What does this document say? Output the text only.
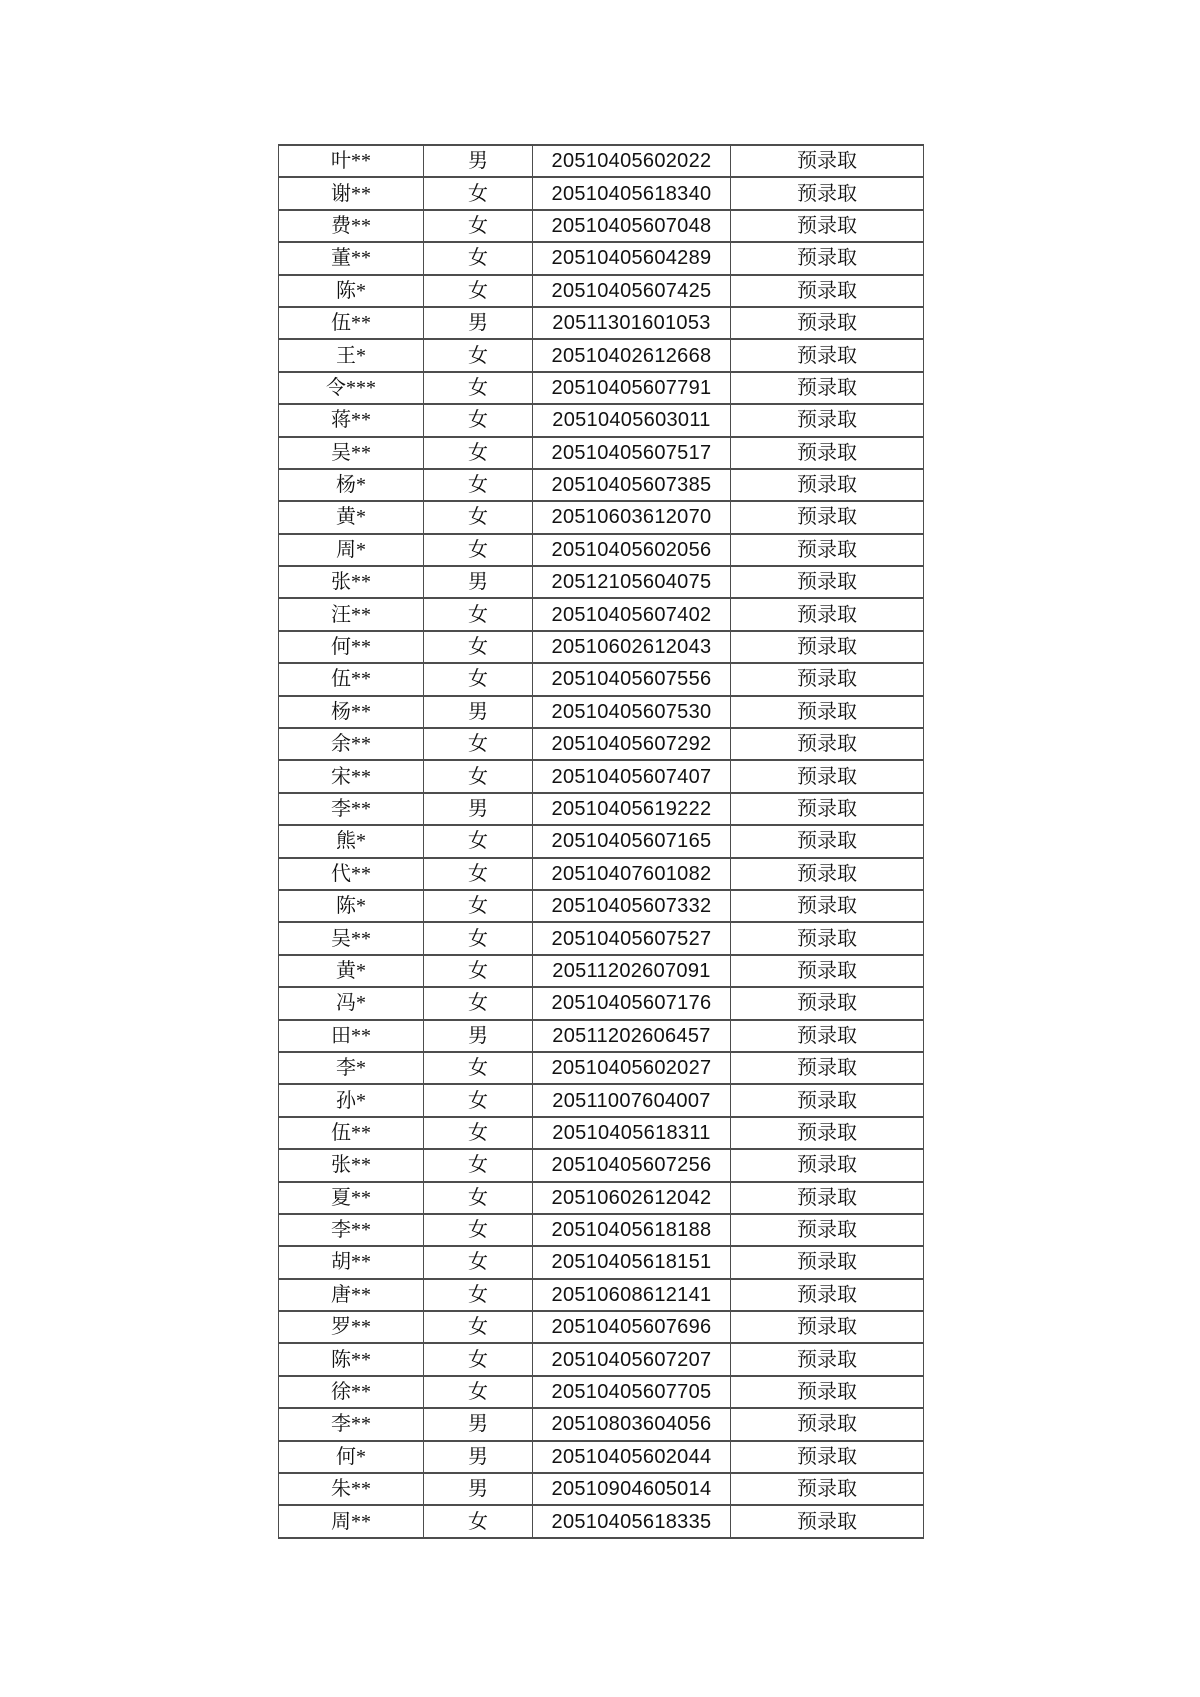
叶**	男	20510405602022	预录取
谢**	女	20510405618340	预录取
费**	女	20510405607048	预录取
董**	女	20510405604289	预录取
陈*	女	20510405607425	预录取
伍**	男	20511301601053	预录取
王*	女	20510402612668	预录取
令***	女	20510405607791	预录取
蒋**	女	20510405603011	预录取
吴**	女	20510405607517	预录取
杨*	女	20510405607385	预录取
黄*	女	20510603612070	预录取
周*	女	20510405602056	预录取
张**	男	20512105604075	预录取
汪**	女	20510405607402	预录取
何**	女	20510602612043	预录取
伍**	女	20510405607556	预录取
杨**	男	20510405607530	预录取
余**	女	20510405607292	预录取
宋**	女	20510405607407	预录取
李**	男	20510405619222	预录取
熊*	女	20510405607165	预录取
代**	女	20510407601082	预录取
陈*	女	20510405607332	预录取
吴**	女	20510405607527	预录取
黄*	女	20511202607091	预录取
冯*	女	20510405607176	预录取
田**	男	20511202606457	预录取
李*	女	20510405602027	预录取
孙*	女	20511007604007	预录取
伍**	女	20510405618311	预录取
张**	女	20510405607256	预录取
夏**	女	20510602612042	预录取
李**	女	20510405618188	预录取
胡**	女	20510405618151	预录取
唐**	女	20510608612141	预录取
罗**	女	20510405607696	预录取
陈**	女	20510405607207	预录取
徐**	女	20510405607705	预录取
李**	男	20510803604056	预录取
何*	男	20510405602044	预录取
朱**	男	20510904605014	预录取
周**	女	20510405618335	预录取
